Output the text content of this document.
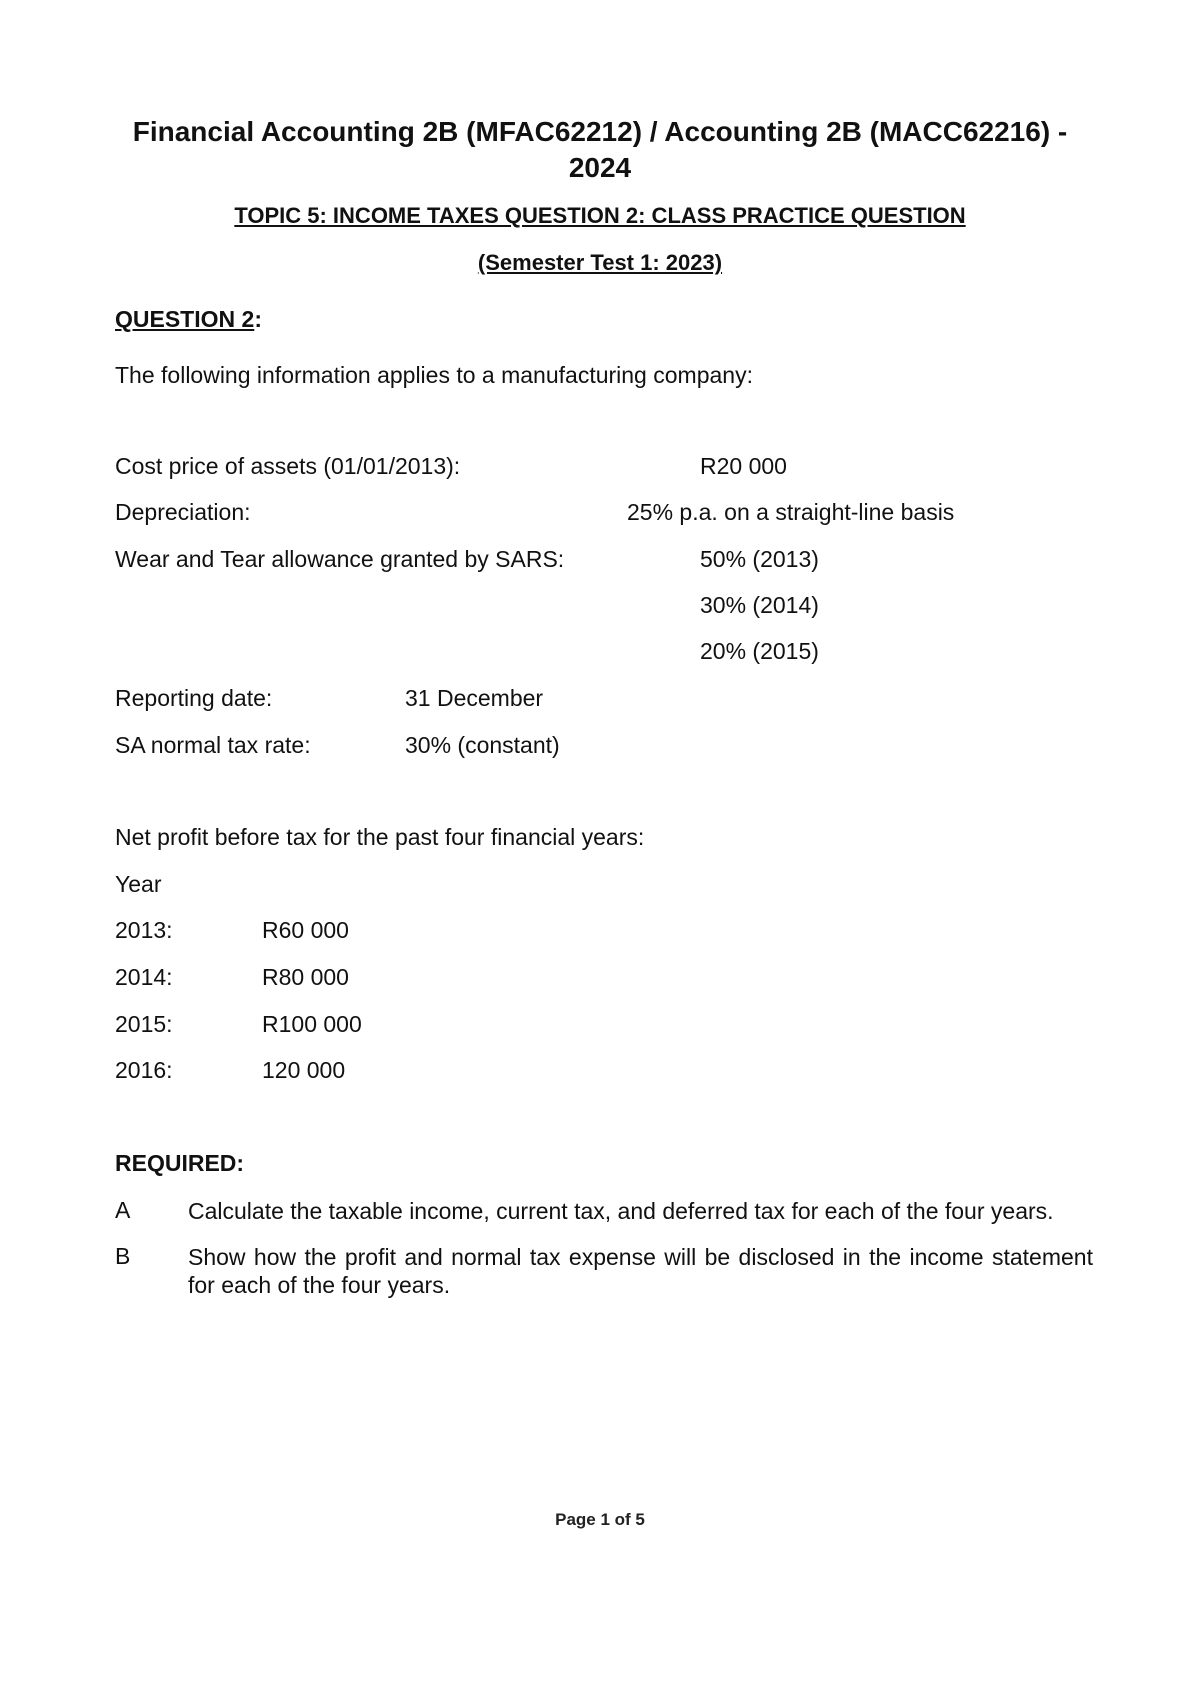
Financial Accounting 2B (MFAC62212) / Accounting 2B (MACC62216) -
2024
TOPIC 5: INCOME TAXES QUESTION 2: CLASS PRACTICE QUESTION
(Semester Test 1: 2023)
QUESTION 2:
The following information applies to a manufacturing company:
Cost price of assets (01/01/2013):	R20 000
Depreciation:	25% p.a. on a straight-line basis
Wear and Tear allowance granted by SARS:	50% (2013)
30% (2014)
20% (2015)
Reporting date:	31 December
SA normal tax rate:	30% (constant)
Net profit before tax for the past four financial years:
Year
2013:	R60 000
2014:	R80 000
2015:	R100 000
2016:	120 000
REQUIRED:
A	Calculate the taxable income, current tax, and deferred tax for each of the four years.
B	Show how the profit and normal tax expense will be disclosed in the income statement for each of the four years.
Page 1 of 5
